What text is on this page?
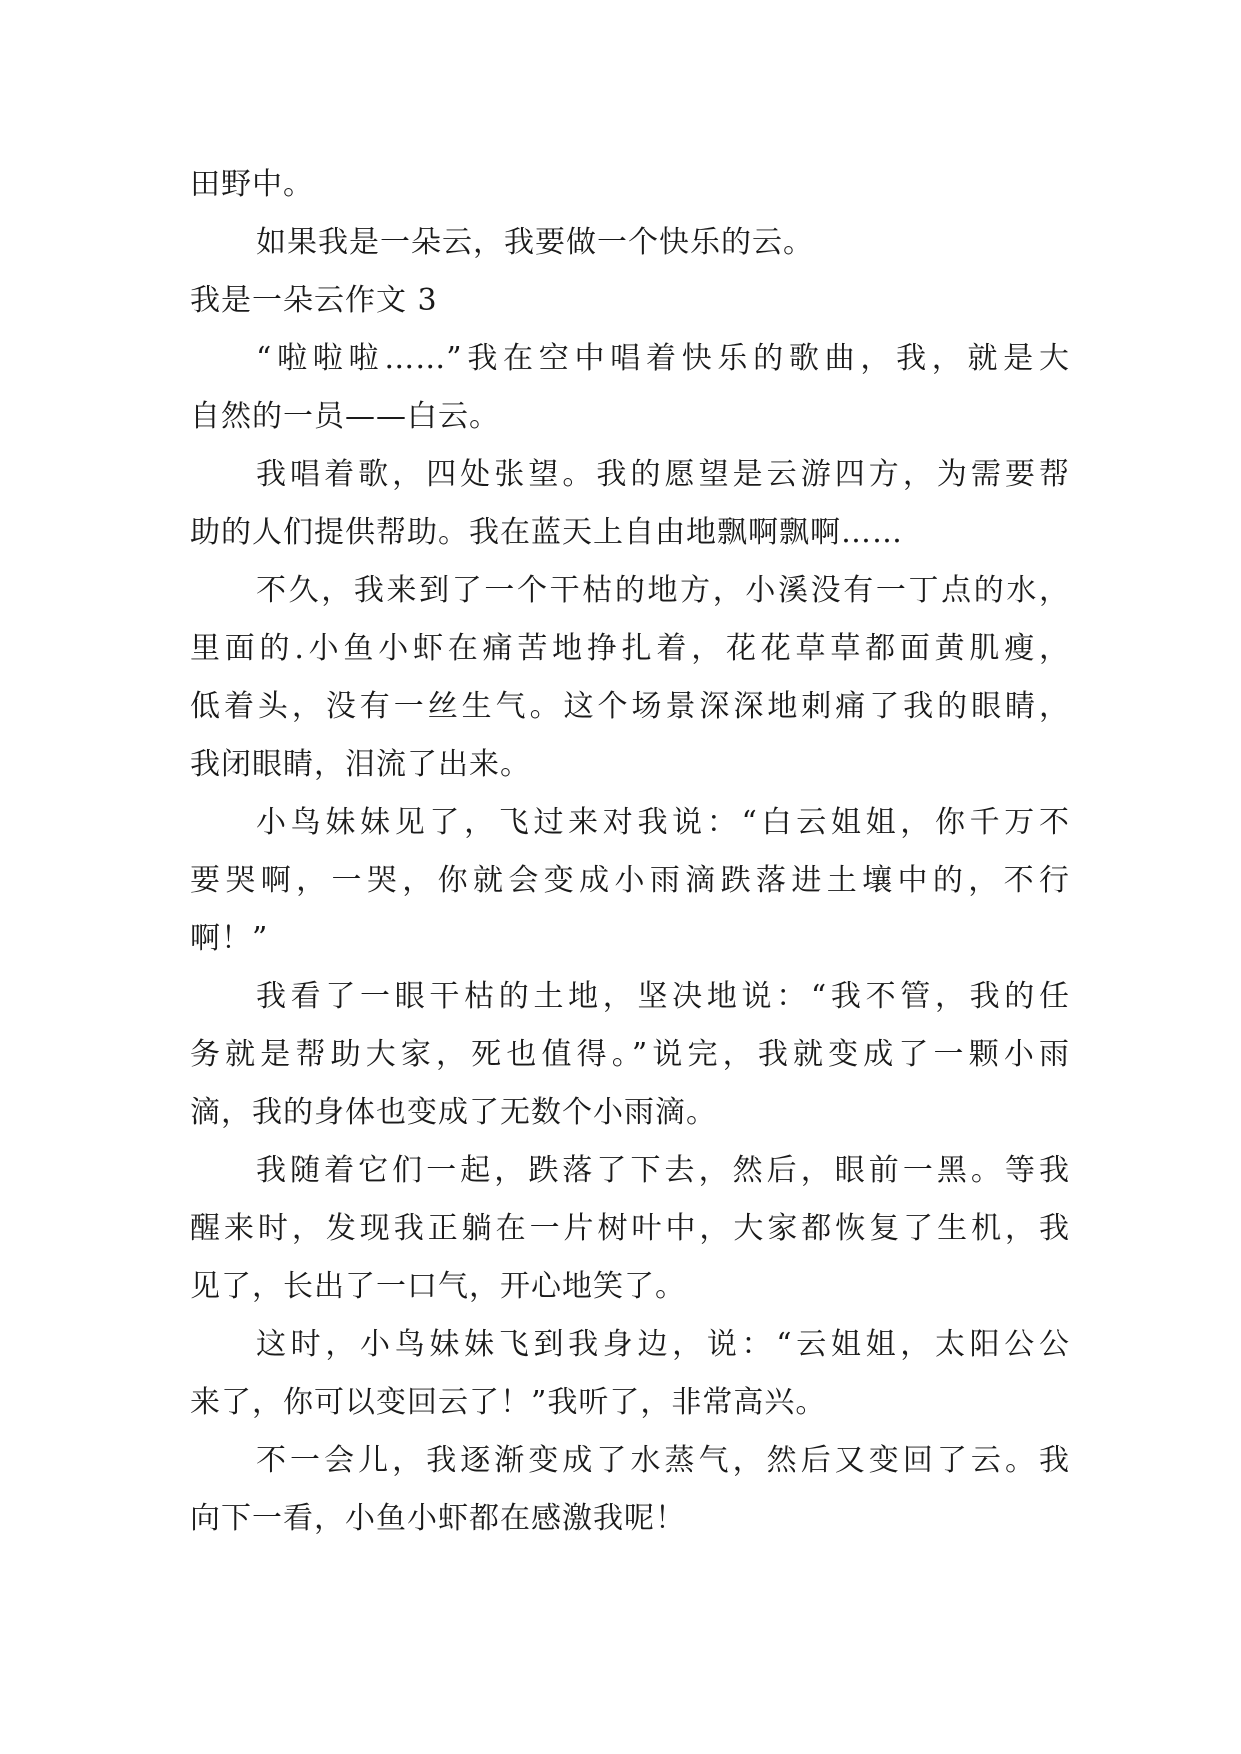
田野中。
如果我是一朵云，我要做一个快乐的云。
我是一朵云作文 3
“啦啦啦……”我在空中唱着快乐的歌曲，我，就是大
自然的一员——白云。
我唱着歌，四处张望。我的愿望是云游四方，为需要帮
助的人们提供帮助。我在蓝天上自由地飘啊飘啊……
不久，我来到了一个干枯的地方，小溪没有一丁点的水，
里面的.小鱼小虾在痛苦地挣扎着，花花草草都面黄肌瘦，
低着头，没有一丝生气。这个场景深深地刺痛了我的眼睛，
我闭眼睛，泪流了出来。
小鸟妹妹见了，飞过来对我说：“白云姐姐，你千万不
要哭啊，一哭，你就会变成小雨滴跌落进土壤中的，不行
啊！”
我看了一眼干枯的土地，坚决地说：“我不管，我的任
务就是帮助大家，死也值得。”说完，我就变成了一颗小雨
滴，我的身体也变成了无数个小雨滴。
我随着它们一起，跌落了下去，然后，眼前一黑。等我
醒来时，发现我正躺在一片树叶中，大家都恢复了生机，我
见了，长出了一口气，开心地笑了。
这时，小鸟妹妹飞到我身边，说：“云姐姐，太阳公公
来了，你可以变回云了！”我听了，非常高兴。
不一会儿，我逐渐变成了水蒸气，然后又变回了云。我
向下一看，小鱼小虾都在感激我呢！
